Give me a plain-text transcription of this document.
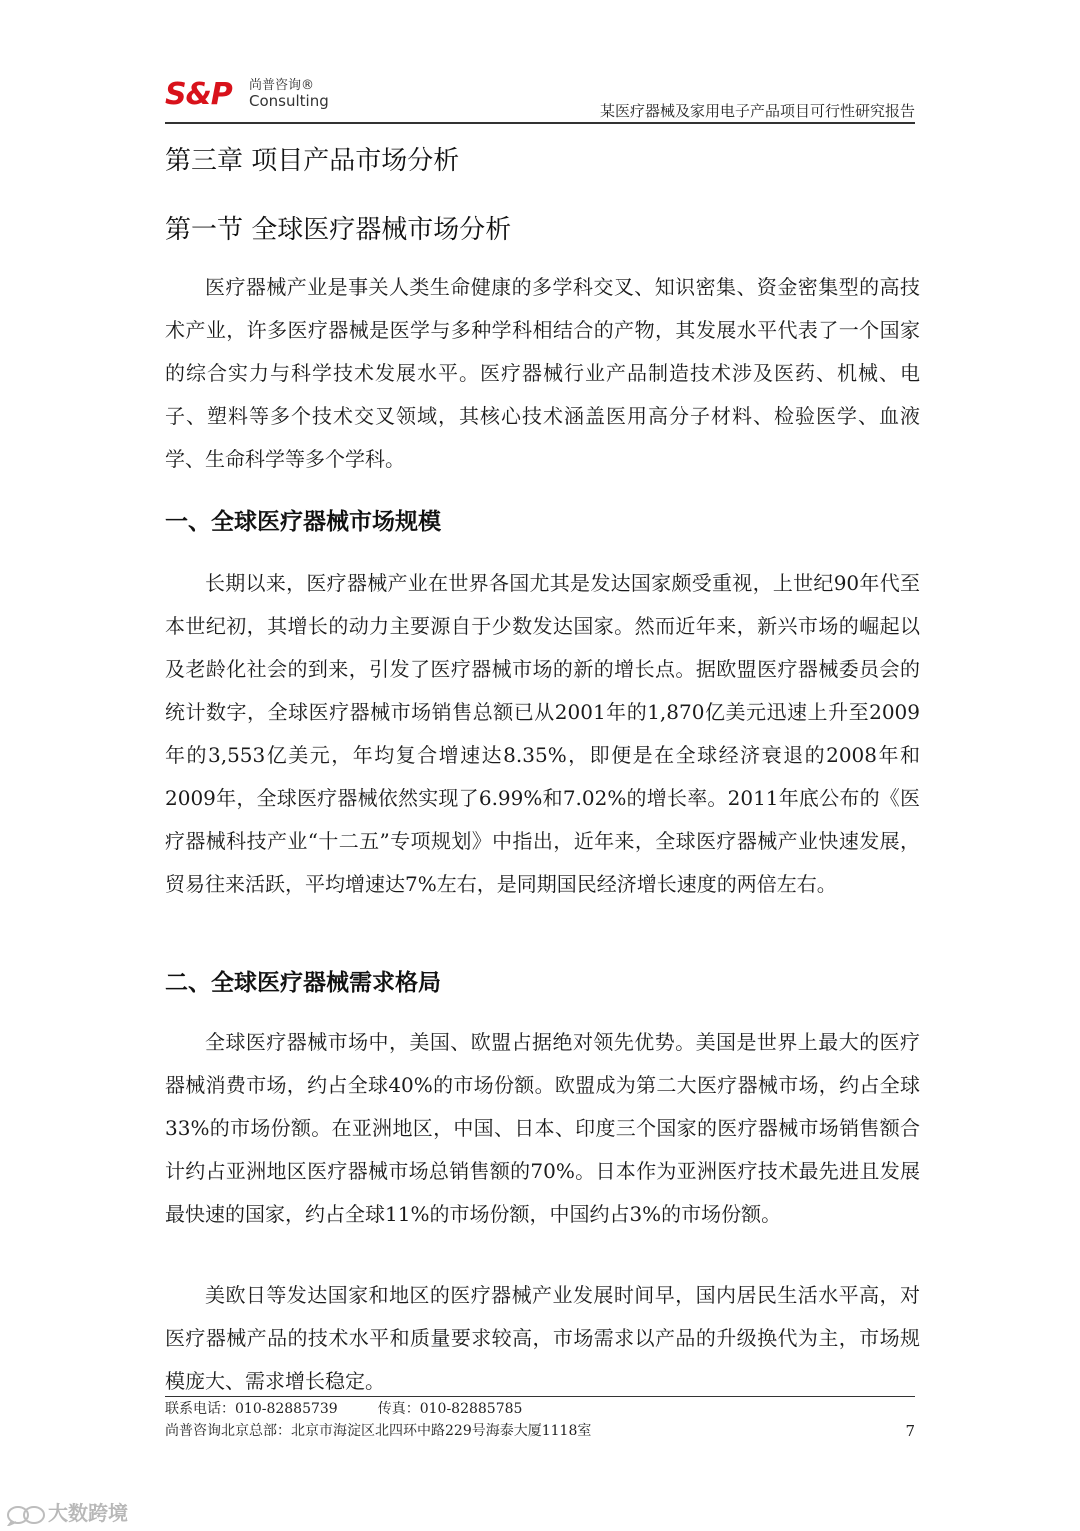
S&P 尚普咨询®
Consulting
某医疗器械及家用电子产品项目可行性研究报告
第三章 项目产品市场分析
第一节 全球医疗器械市场分析

医疗器械产业是事关人类生命健康的多学科交叉、知识密集、资金密集型的高技术产业，许多医疗器械是医学与多种学科相结合的产物，其发展水平代表了一个国家的综合实力与科学技术发展水平。医疗器械行业产品制造技术涉及医药、机械、电子、塑料等多个技术交叉领域，其核心技术涵盖医用高分子材料、检验医学、血液学、生命科学等多个学科。

一、全球医疗器械市场规模

长期以来，医疗器械产业在世界各国尤其是发达国家颇受重视，上世纪90年代至本世纪初，其增长的动力主要源自于少数发达国家。然而近年来，新兴市场的崛起以及老龄化社会的到来，引发了医疗器械市场的新的增长点。据欧盟医疗器械委员会的统计数字，全球医疗器械市场销售总额已从2001年的1,870亿美元迅速上升至2009年的3,553亿美元，年均复合增速达8.35%，即便是在全球经济衰退的2008年和2009年，全球医疗器械依然实现了6.99%和7.02%的增长率。2011年底公布的《医疗器械科技产业“十二五”专项规划》中指出，近年来，全球医疗器械产业快速发展，贸易往来活跃，平均增速达7%左右，是同期国民经济增长速度的两倍左右。

二、全球医疗器械需求格局

全球医疗器械市场中，美国、欧盟占据绝对领先优势。美国是世界上最大的医疗器械消费市场，约占全球40%的市场份额。欧盟成为第二大医疗器械市场，约占全球33%的市场份额。在亚洲地区，中国、日本、印度三个国家的医疗器械市场销售额合计约占亚洲地区医疗器械市场总销售额的70%。日本作为亚洲医疗技术最先进且发展最快速的国家，约占全球11%的市场份额，中国约占3%的市场份额。

美欧日等发达国家和地区的医疗器械产业发展时间早，国内居民生活水平高，对医疗器械产品的技术水平和质量要求较高，市场需求以产品的升级换代为主，市场规模庞大、需求增长稳定。

联系电话：010-82885739	传真：010-82885785
尚普咨询北京总部：北京市海淀区北四环中路229号海泰大厦1118室	7
大数跨境
